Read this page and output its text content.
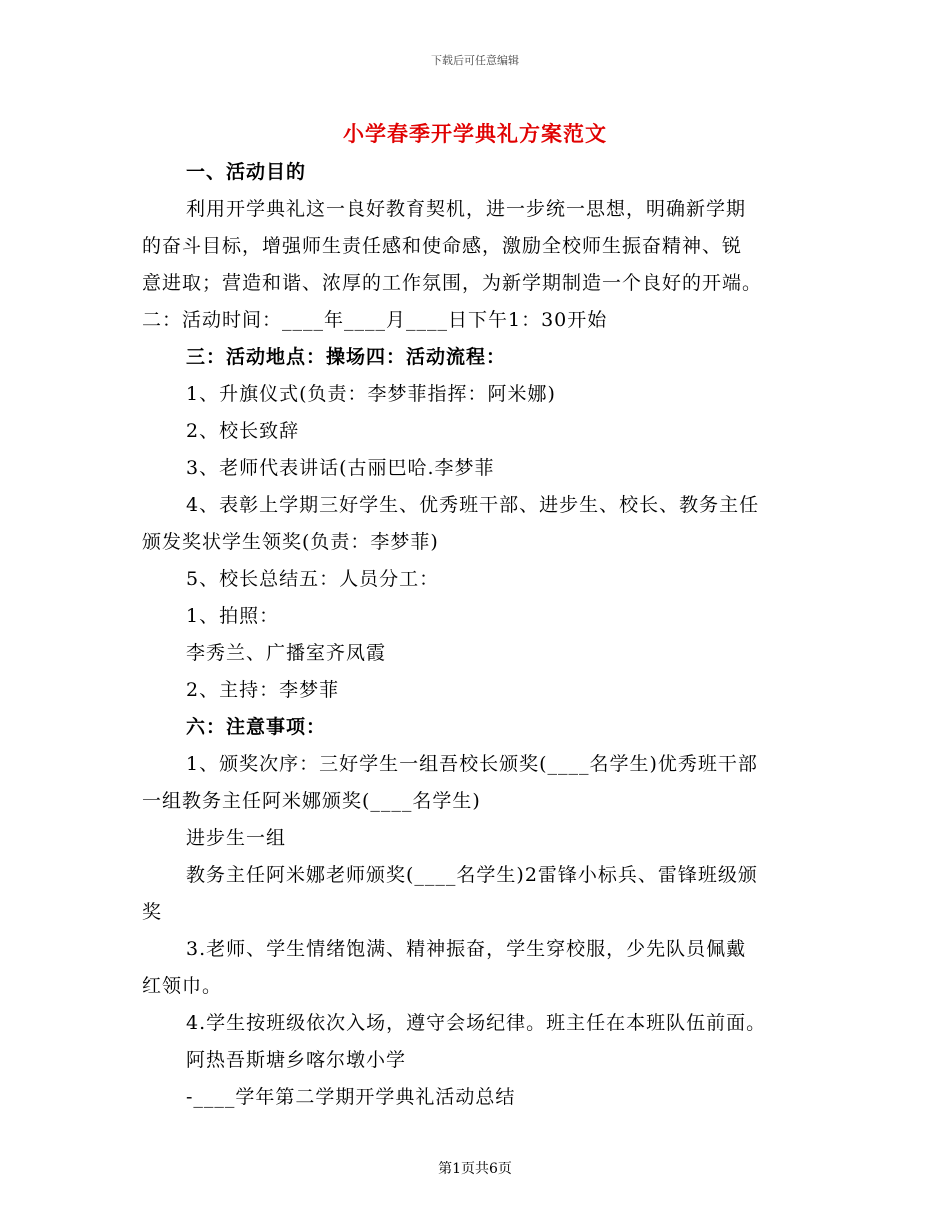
下载后可任意编辑
小学春季开学典礼方案范文
一、活动目的
利用开学典礼这一良好教育契机，进一步统一思想，明确新学期
的奋斗目标，增强师生责任感和使命感，激励全校师生振奋精神、锐
意进取；营造和谐、浓厚的工作氛围，为新学期制造一个良好的开端。
二：活动时间：____年____月____日下午1：30开始
三：活动地点：操场四：活动流程：
1、升旗仪式(负责：李梦菲指挥：阿米娜)
2、校长致辞
3、老师代表讲话(古丽巴哈.李梦菲
4、表彰上学期三好学生、优秀班干部、进步生、校长、教务主任
颁发奖状学生领奖(负责：李梦菲)
5、校长总结五：人员分工：
1、拍照：
李秀兰、广播室齐凤霞
2、主持：李梦菲
六：注意事项：
1、颁奖次序：三好学生一组吾校长颁奖(____名学生)优秀班干部
一组教务主任阿米娜颁奖(____名学生)
进步生一组
教务主任阿米娜老师颁奖(____名学生)2雷锋小标兵、雷锋班级颁
奖
3.老师、学生情绪饱满、精神振奋，学生穿校服，少先队员佩戴
红领巾。
4.学生按班级依次入场，遵守会场纪律。班主任在本班队伍前面。
阿热吾斯塘乡喀尔墩小学
-____学年第二学期开学典礼活动总结
第1页共6页
